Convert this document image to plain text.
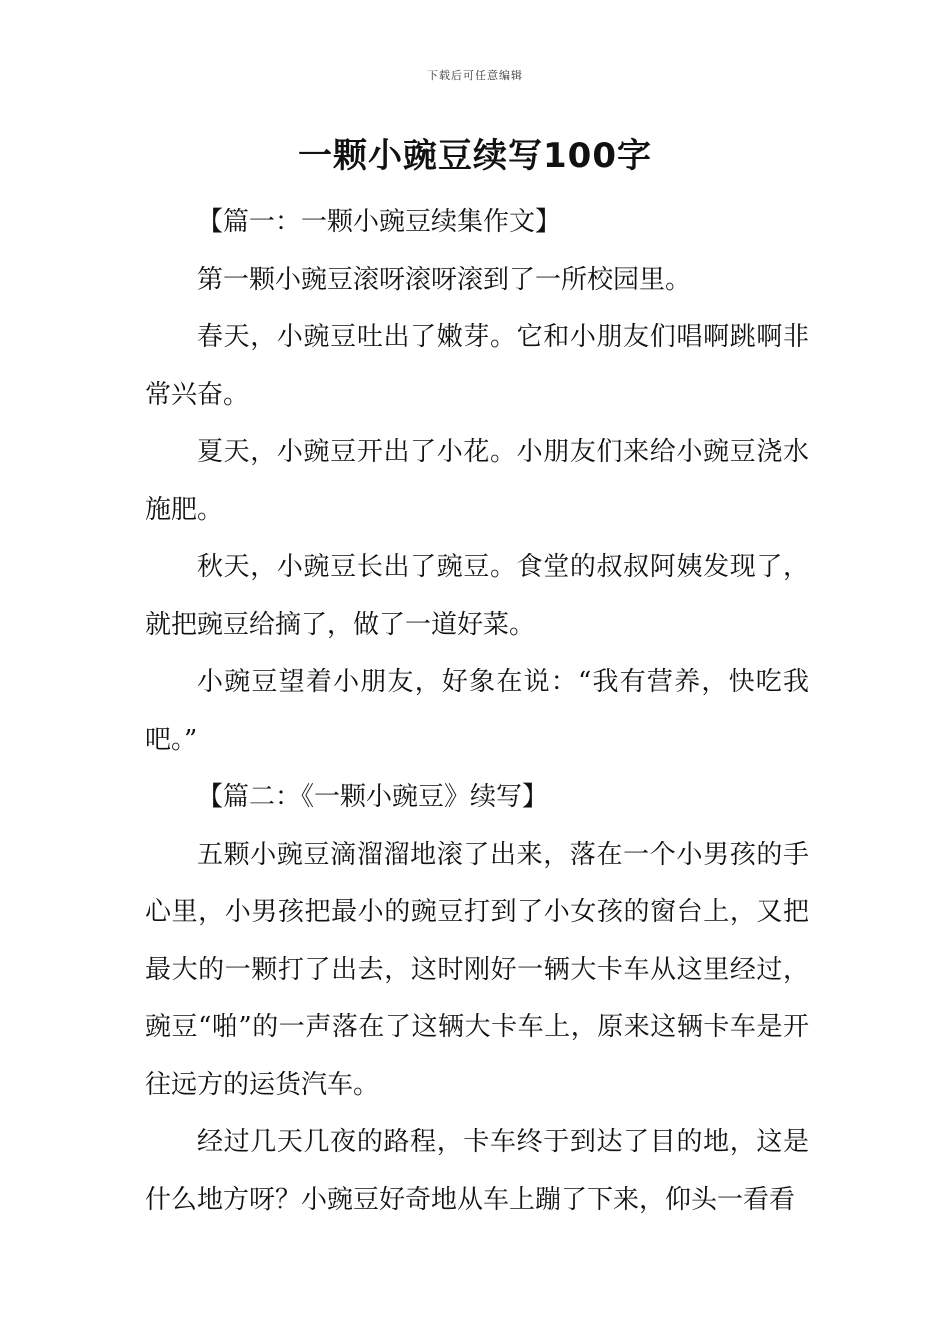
下载后可任意编辑
一颗小豌豆续写100字

【篇一：一颗小豌豆续集作文】

第一颗小豌豆滚呀滚呀滚到了一所校园里。

春天，小豌豆吐出了嫩芽。它和小朋友们唱啊跳啊非常兴奋。

夏天，小豌豆开出了小花。小朋友们来给小豌豆浇水施肥。

秋天，小豌豆长出了豌豆。食堂的叔叔阿姨发现了，就把豌豆给摘了，做了一道好菜。

小豌豆望着小朋友，好象在说：“我有营养，快吃我吧。”

【篇二：《一颗小豌豆》续写】

五颗小豌豆滴溜溜地滚了出来，落在一个小男孩的手心里，小男孩把最小的豌豆打到了小女孩的窗台上，又把最大的一颗打了出去，这时刚好一辆大卡车从这里经过，豌豆“啪”的一声落在了这辆大卡车上，原来这辆卡车是开往远方的运货汽车。

经过几天几夜的路程，卡车终于到达了目的地，这是什么地方呀？小豌豆好奇地从车上蹦了下来，仰头一看看
